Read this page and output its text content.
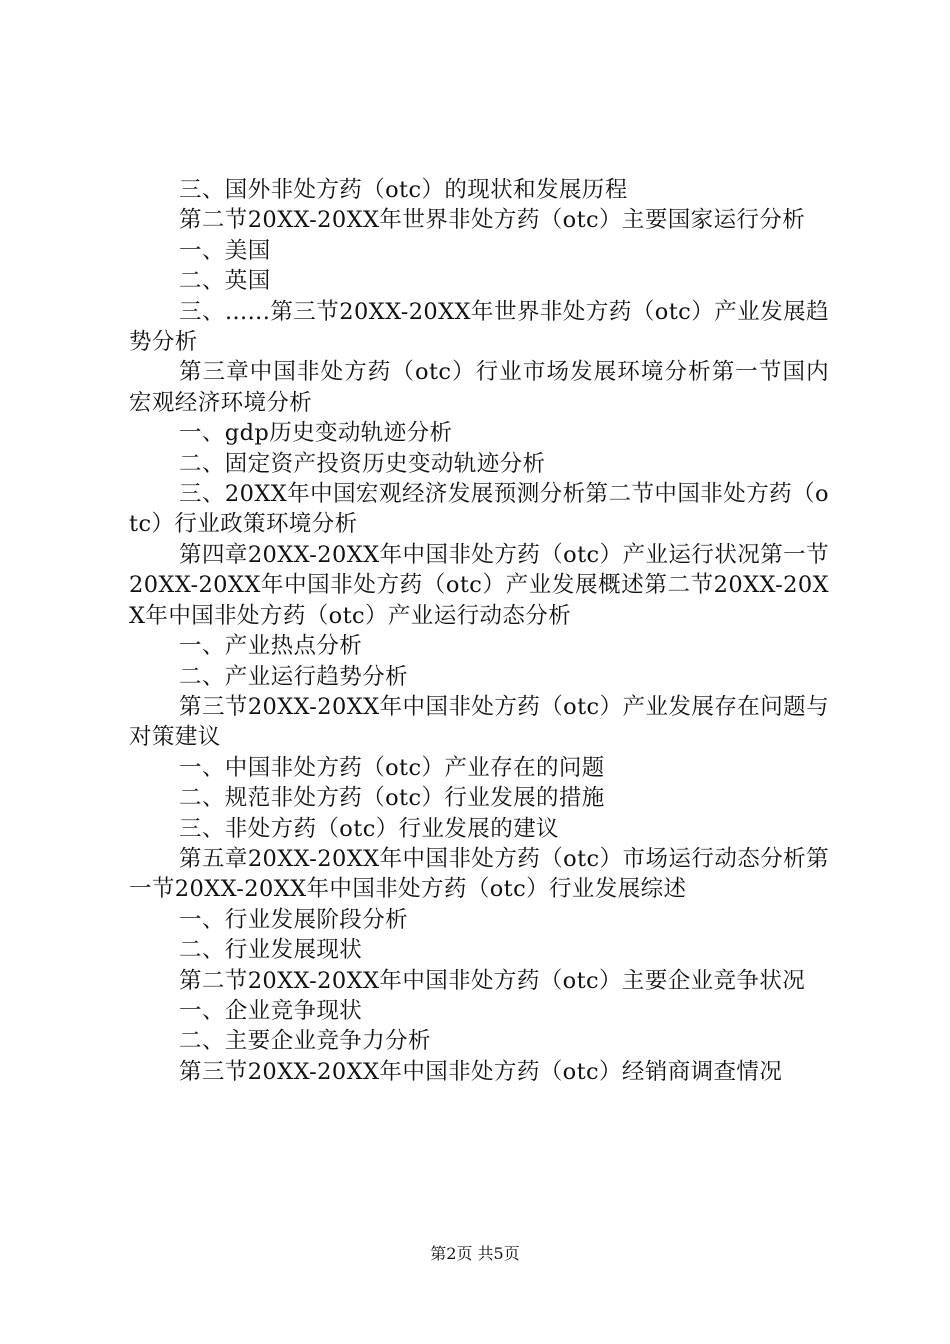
三、国外非处方药（otc）的现状和发展历程

第二节20XX-20XX年世界非处方药（otc）主要国家运行分析

一、美国

二、英国

三、......第三节20XX-20XX年世界非处方药（otc）产业发展趋势分析

第三章中国非处方药（otc）行业市场发展环境分析第一节国内宏观经济环境分析

一、gdp历史变动轨迹分析

二、固定资产投资历史变动轨迹分析

三、20XX年中国宏观经济发展预测分析第二节中国非处方药（otc）行业政策环境分析

第四章20XX-20XX年中国非处方药（otc）产业运行状况第一节20XX-20XX年中国非处方药（otc）产业发展概述第二节20XX-20XX年中国非处方药（otc）产业运行动态分析

一、产业热点分析

二、产业运行趋势分析

第三节20XX-20XX年中国非处方药（otc）产业发展存在问题与对策建议

一、中国非处方药（otc）产业存在的问题

二、规范非处方药（otc）行业发展的措施

三、非处方药（otc）行业发展的建议

第五章20XX-20XX年中国非处方药（otc）市场运行动态分析第一节20XX-20XX年中国非处方药（otc）行业发展综述

一、行业发展阶段分析

二、行业发展现状

第二节20XX-20XX年中国非处方药（otc）主要企业竞争状况

一、企业竞争现状

二、主要企业竞争力分析

第三节20XX-20XX年中国非处方药（otc）经销商调查情况

第2页 共5页
